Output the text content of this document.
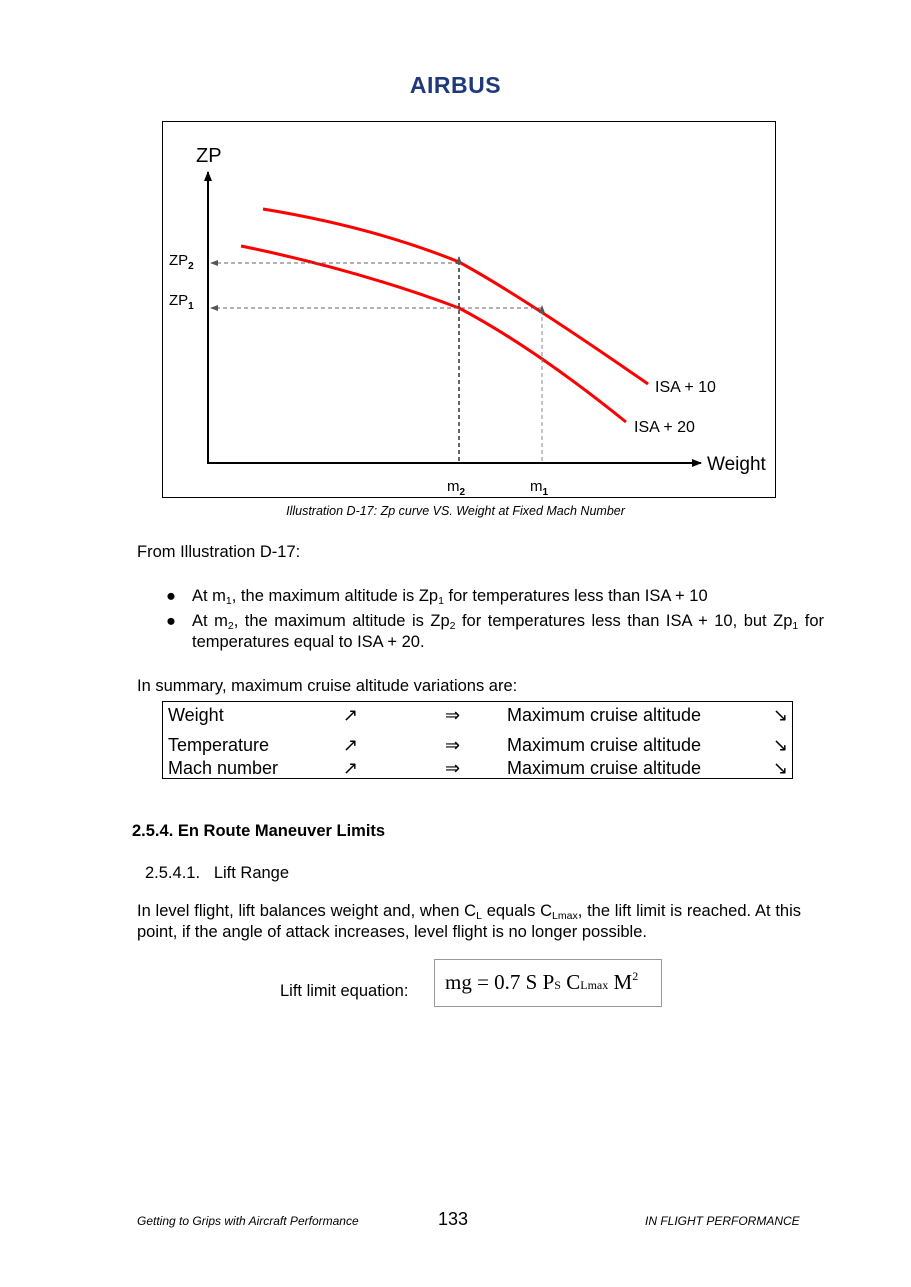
AIRBUS
ZP
Weight
$ZP_2$
$ZP_1$
$m_2$	$m_1$
ISA + 10
ISA + 20
Illustration D-17: Zp curve VS. Weight at Fixed Mach Number
From Illustration D-17:
● At $m_1$, the maximum altitude is $Zp_1$ for temperatures less than ISA + 10
● At $m_2$, the maximum altitude is $Zp_2$ for temperatures less than ISA + 10, but $Zp_1$ for temperatures equal to ISA + 20.
In summary, maximum cruise altitude variations are:
Weight	↗	⇒	Maximum cruise altitude	↘
Temperature	↗	⇒	Maximum cruise altitude	↘
Mach number	↗	⇒	Maximum cruise altitude	↘
2.5.4. En Route Maneuver Limits
2.5.4.1. Lift Range
In level flight, lift balances weight and, when $C_L$ equals $C_{Lmax}$, the lift limit is reached. At this point, if the angle of attack increases, level flight is no longer possible.
Lift limit equation: mg = 0.7 S PS CLmax $M^2$
Getting to Grips with Aircraft Performance	133	IN FLIGHT PERFORMANCE
